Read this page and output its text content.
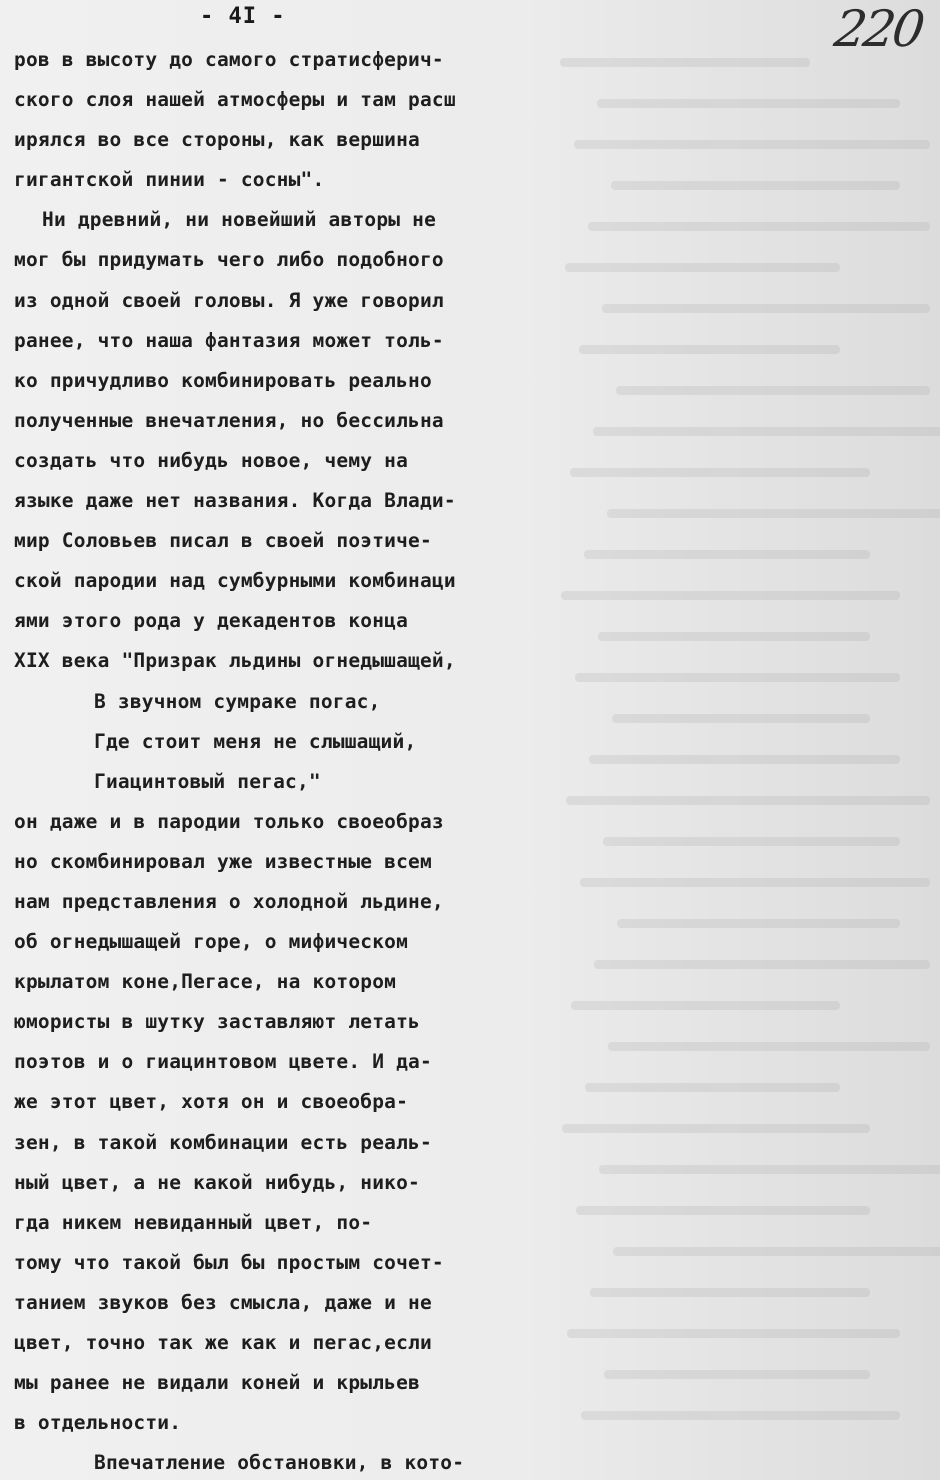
- 4I -	220
ров в высоту до самого стратисферич-
ского слоя нашей атмосферы и там расш
ирялся во все стороны, как вершина
гигантской пинии - сосны".
Ни древний, ни новейший авторы не
мог бы придумать чего либо подобного
из одной своей головы. Я уже говорил
ранее, что наша фантазия может толь-
ко причудливо комбинировать реально
полученные внечатления, но бессильна
создать что нибудь новое, чему на
языке даже нет названия. Когда Влади-
мир Соловьев писал в своей поэтиче-
ской пародии над сумбурными комбинаци
ями этого рода у декадентов конца
XIX века "Призрак льдины огнедышащей,
В звучном сумраке погас,
Где стоит меня не слышащий,
Гиацинтовый пегас,"
он даже и в пародии только своеобраз
но скомбинировал уже известные всем
нам представления о холодной льдине,
об огнедышащей горе, о мифическом
крылатом коне,Пегасе, на котором
юмористы в шутку заставляют летать
поэтов и о гиацинтовом цвете. И да-
же этот цвет, хотя он и своеобра-
зен, в такой комбинации есть реаль-
ный цвет, а не какой нибудь, нико-
гда никем невиданный цвет, по-
тому что такой был бы простым сочет-
танием звуков без смысла, даже и не
цвет, точно так же как и пегас,если
мы ранее не видали коней и крыльев
в отдельности.
Впечатление обстановки, в кото-
